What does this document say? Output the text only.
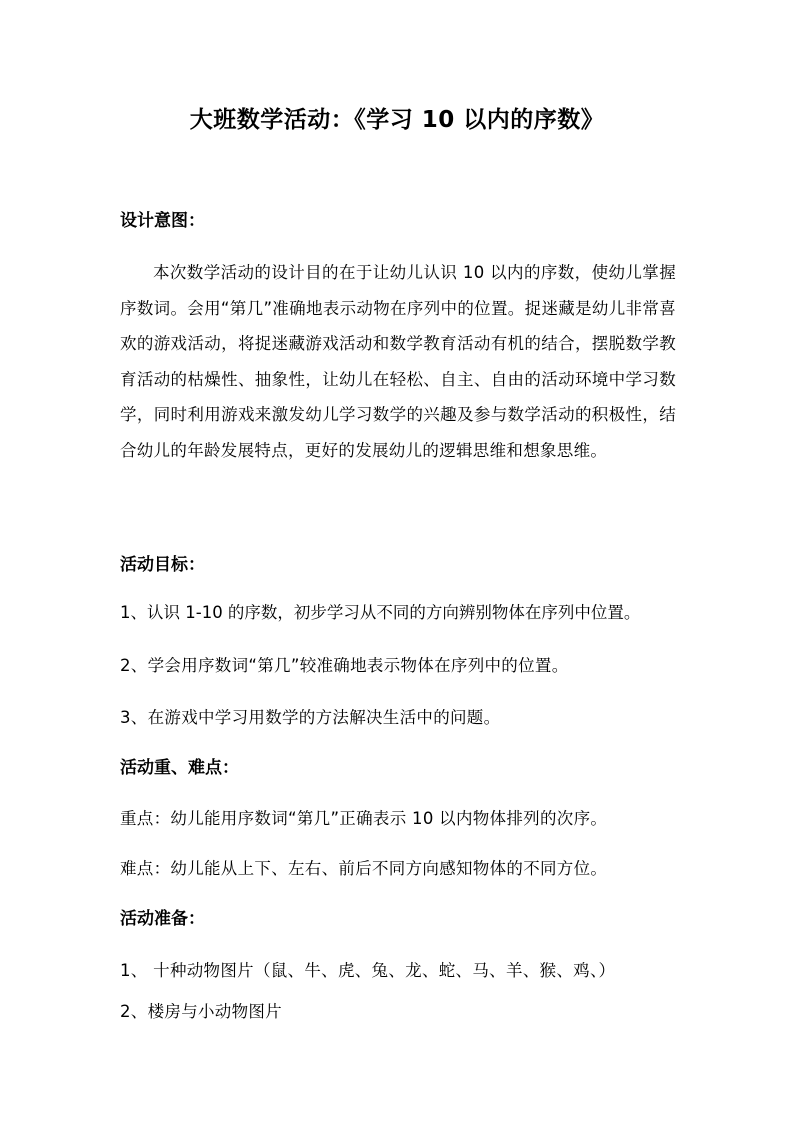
大班数学活动：《学习 10 以内的序数》
设计意图：
本次数学活动的设计目的在于让幼儿认识 10 以内的序数，使幼儿掌握序数词。会用“第几”准确地表示动物在序列中的位置。捉迷藏是幼儿非常喜欢的游戏活动，将捉迷藏游戏活动和数学教育活动有机的结合，摆脱数学教育活动的枯燥性、抽象性，让幼儿在轻松、自主、自由的活动环境中学习数学，同时利用游戏来激发幼儿学习数学的兴趣及参与数学活动的积极性，结合幼儿的年龄发展特点，更好的发展幼儿的逻辑思维和想象思维。
活动目标：
1、认识 1-10 的序数，初步学习从不同的方向辨别物体在序列中位置。
2、学会用序数词“第几”较准确地表示物体在序列中的位置。
3、在游戏中学习用数学的方法解决生活中的问题。
活动重、难点：
重点：幼儿能用序数词“第几”正确表示 10 以内物体排列的次序。
难点：幼儿能从上下、左右、前后不同方向感知物体的不同方位。
活动准备：
1、 十种动物图片（鼠、牛、虎、兔、龙、蛇、马、羊、猴、鸡、）
2、楼房与小动物图片
